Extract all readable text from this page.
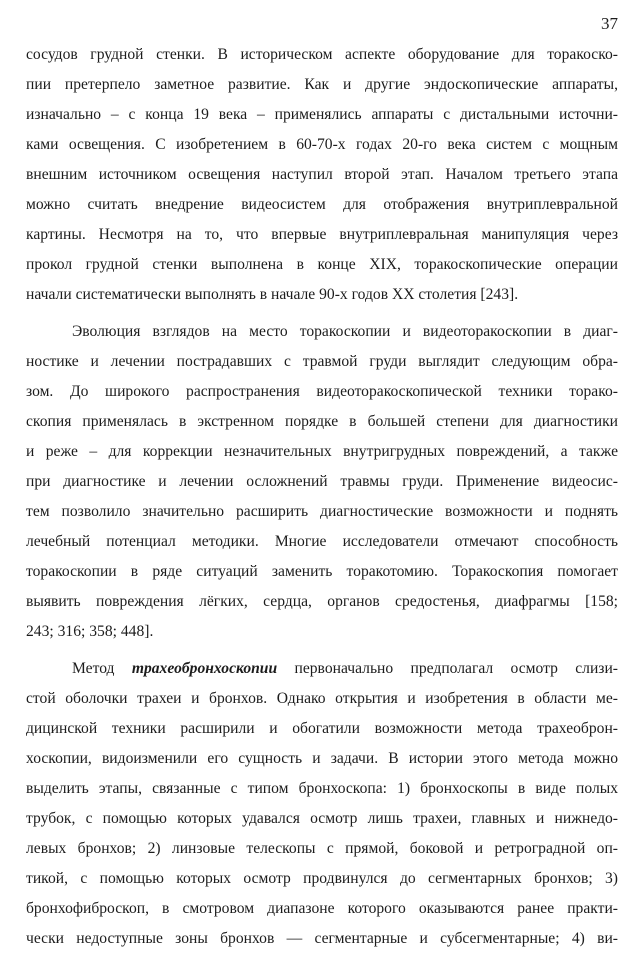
37
сосудов грудной стенки. В историческом аспекте оборудование для торакоско-
пии претерпело заметное развитие. Как и другие эндоскопические аппараты,
изначально – с конца 19 века – применялись аппараты с дистальными источни-
ками освещения. С изобретением в 60-70-х годах 20-го века систем с мощным
внешним источником освещения наступил второй этап. Началом третьего этапа
можно считать внедрение видеосистем для отображения внутриплевральной
картины. Несмотря на то, что впервые внутриплевральная манипуляция через
прокол грудной стенки выполнена в конце XIX, торакоскопические операции
начали систематически выполнять в начале 90-х годов XX столетия [243].
Эволюция взглядов на место торакоскопии и видеоторакоскопии в диаг-
ностике и лечении пострадавших с травмой груди выглядит следующим обра-
зом. До широкого распространения видеоторакоскопической техники торако-
скопия применялась в экстренном порядке в большей степени для диагностики
и реже – для коррекции незначительных внутригрудных повреждений, а также
при диагностике и лечении осложнений травмы груди. Применение видеосис-
тем позволило значительно расширить диагностические возможности и поднять
лечебный потенциал методики. Многие исследователи отмечают способность
торакоскопии в ряде ситуаций заменить торакотомию. Торакоскопия помогает
выявить повреждения лёгких, сердца, органов средостенья, диафрагмы [158;
243; 316; 358; 448].
Метод трахеобронхоскопии первоначально предполагал осмотр слизи-
стой оболочки трахеи и бронхов. Однако открытия и изобретения в области ме-
дицинской техники расширили и обогатили возможности метода трахеоброн-
хоскопии, видоизменили его сущность и задачи. В истории этого метода можно
выделить этапы, связанные с типом бронхоскопа: 1) бронхоскопы в виде полых
трубок, с помощью которых удавался осмотр лишь трахеи, главных и нижнедо-
левых бронхов; 2) линзовые телескопы с прямой, боковой и ретроградной оп-
тикой, с помощью которых осмотр продвинулся до сегментарных бронхов; 3)
бронхофиброскоп, в смотровом диапазоне которого оказываются ранее практи-
чески недоступные зоны бронхов — сегментарные и субсегментарные; 4) ви-
